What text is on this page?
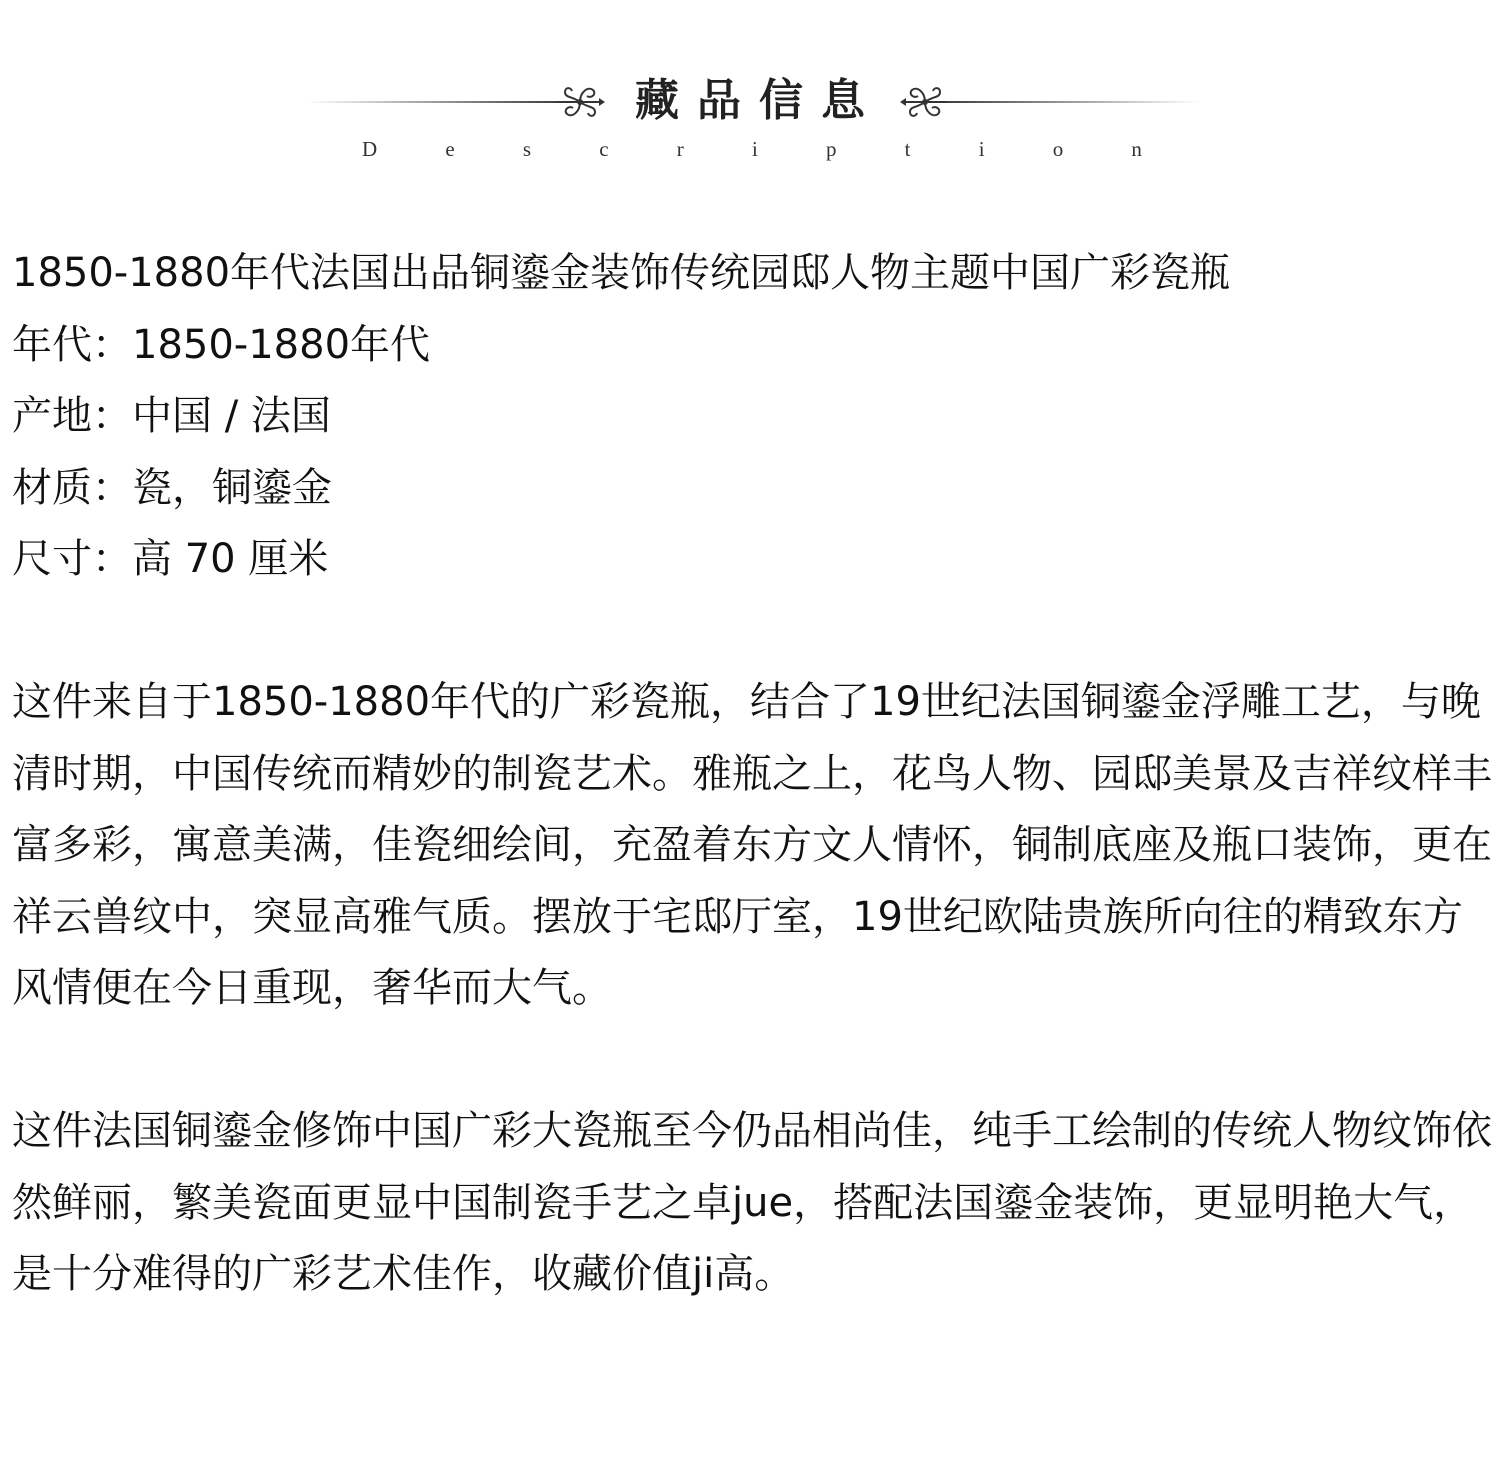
藏品信息
D	e	s	c	r	i	p	t	i	o	n
1850-1880年代法国出品铜鎏金装饰传统园邸人物主题中国广彩瓷瓶
年代：1850-1880年代
产地：中国 / 法国
材质：瓷，铜鎏金
尺寸：高 70 厘米
这件来自于1850-1880年代的广彩瓷瓶，结合了19世纪法国铜鎏金浮雕工艺，与晚清时期，中国传统而精妙的制瓷艺术。雅瓶之上，花鸟人物、园邸美景及吉祥纹样丰富多彩，寓意美满，佳瓷细绘间，充盈着东方文人情怀，铜制底座及瓶口装饰，更在祥云兽纹中，突显高雅气质。摆放于宅邸厅室，19世纪欧陆贵族所向往的精致东方风情便在今日重现，奢华而大气。
这件法国铜鎏金修饰中国广彩大瓷瓶至今仍品相尚佳，纯手工绘制的传统人物纹饰依然鲜丽，繁美瓷面更显中国制瓷手艺之卓jue，搭配法国鎏金装饰，更显明艳大气，是十分难得的广彩艺术佳作，收藏价值ji高。
